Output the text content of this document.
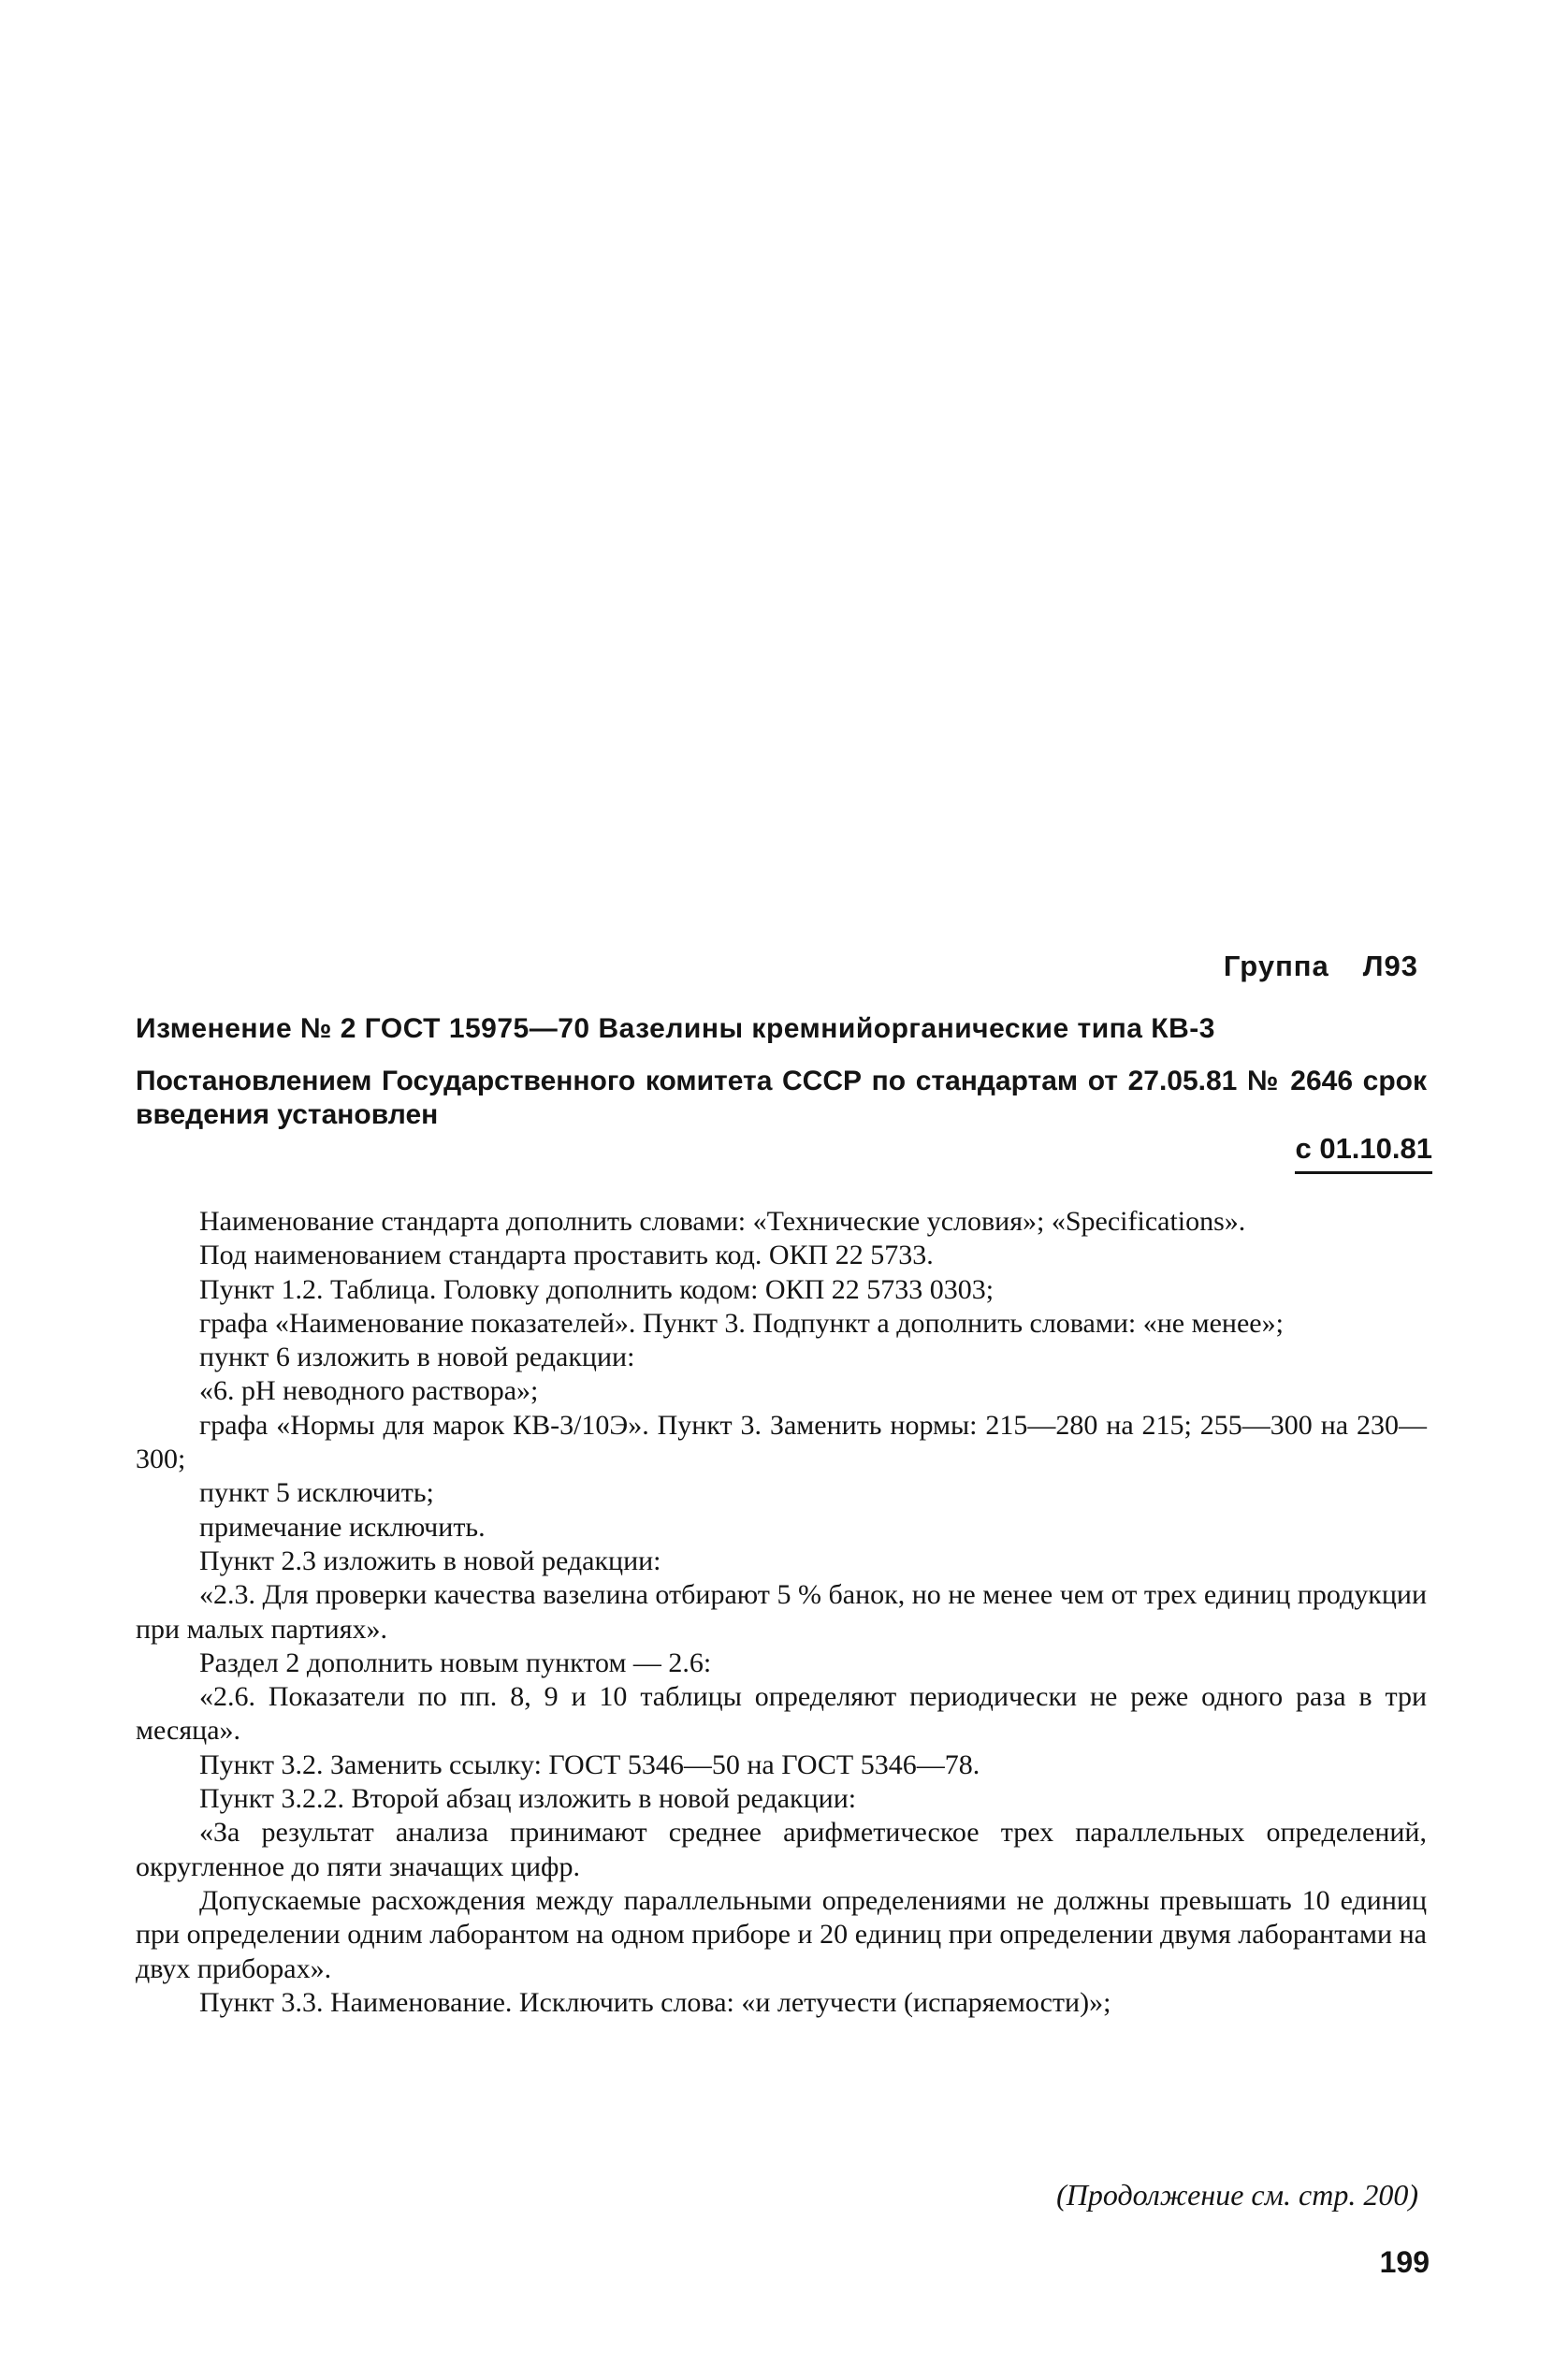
Группа Л93
Изменение № 2 ГОСТ 15975—70 Вазелины кремнийорганические типа КВ-3
Постановлением Государственного комитета СССР по стандартам от 27.05.81 № 2646 срок введения установлен
с 01.10.81

Наименование стандарта дополнить словами: «Технические условия»; «Specifications».

Под наименованием стандарта проставить код. ОКП 22 5733.

Пункт 1.2. Таблица. Головку дополнить кодом: ОКП 22 5733 0303;

графа «Наименование показателей». Пункт 3. Подпункт а дополнить словами: «не менее»;

пункт 6 изложить в новой редакции:

«6. pH неводного раствора»;

графа «Нормы для марок КВ-3/10Э». Пункт 3. Заменить нормы: 215—280 на 215; 255—300 на 230—300;

пункт 5 исключить;

примечание исключить.

Пункт 2.3 изложить в новой редакции:

«2.3. Для проверки качества вазелина отбирают 5 % банок, но не менее чем от трех единиц продукции при малых партиях».

Раздел 2 дополнить новым пунктом — 2.6:

«2.6. Показатели по пп. 8, 9 и 10 таблицы определяют периодически не реже одного раза в три месяца».

Пункт 3.2. Заменить ссылку: ГОСТ 5346—50 на ГОСТ 5346—78.

Пункт 3.2.2. Второй абзац изложить в новой редакции:

«За результат анализа принимают среднее арифметическое трех параллельных определений, округленное до пяти значащих цифр.

Допускаемые расхождения между параллельными определениями не должны превышать 10 единиц при определении одним лаборантом на одном приборе и 20 единиц при определении двумя лаборантами на двух приборах».

Пункт 3.3. Наименование. Исключить слова: «и летучести (испаряемости)»;

(Продолжение см. стр. 200)
199
